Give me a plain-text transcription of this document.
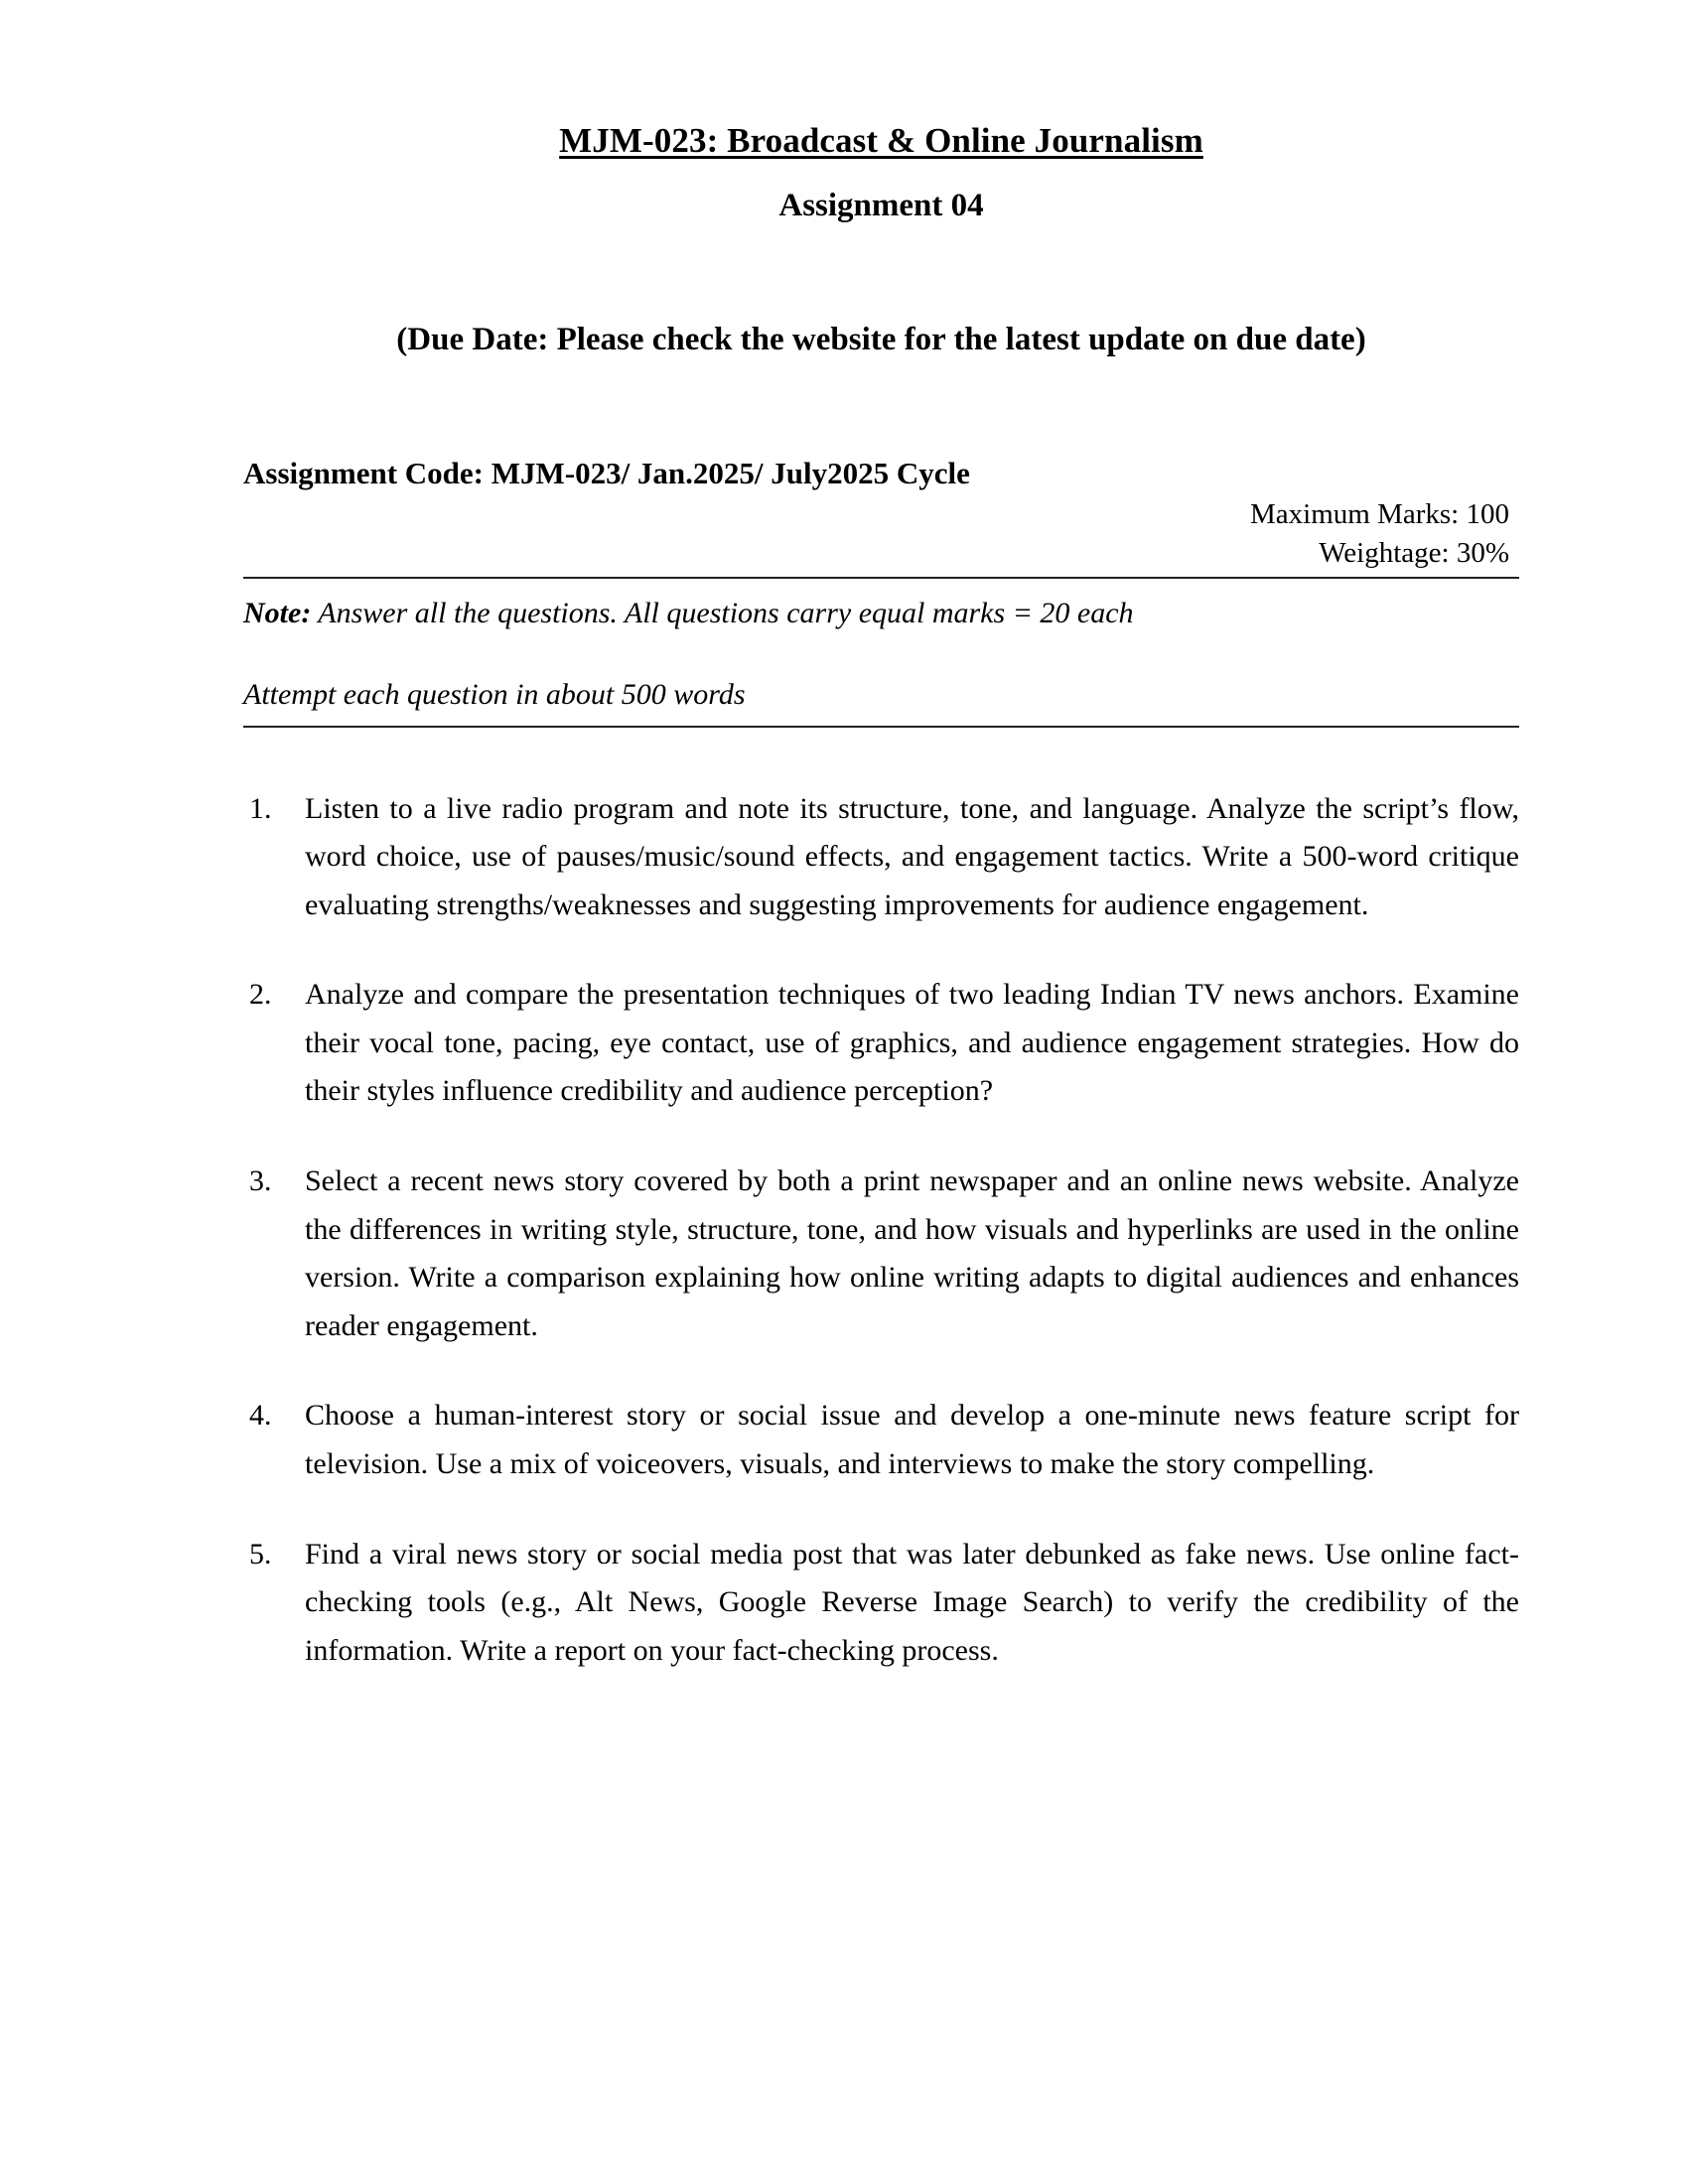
MJM-023: Broadcast & Online Journalism
Assignment 04
(Due Date: Please check the website for the latest update on due date)

Assignment Code: MJM-023/ Jan.2025/ July2025 Cycle

Maximum Marks: 100
Weightage: 30%

Note: Answer all the questions. All questions carry equal marks = 20 each

Attempt each question in about 500 words

Listen to a live radio program and note its structure, tone, and language. Analyze the script’s flow, word choice, use of pauses/music/sound effects, and engagement tactics. Write a 500-word critique evaluating strengths/weaknesses and suggesting improvements for audience engagement.
Analyze and compare the presentation techniques of two leading Indian TV news anchors. Examine their vocal tone, pacing, eye contact, use of graphics, and audience engagement strategies. How do their styles influence credibility and audience perception?
Select a recent news story covered by both a print newspaper and an online news website. Analyze the differences in writing style, structure, tone, and how visuals and hyperlinks are used in the online version. Write a comparison explaining how online writing adapts to digital audiences and enhances reader engagement.
Choose a human-interest story or social issue and develop a one-minute news feature script for television. Use a mix of voiceovers, visuals, and interviews to make the story compelling.
Find a viral news story or social media post that was later debunked as fake news. Use online fact-checking tools (e.g., Alt News, Google Reverse Image Search) to verify the credibility of the information. Write a report on your fact-checking process.
